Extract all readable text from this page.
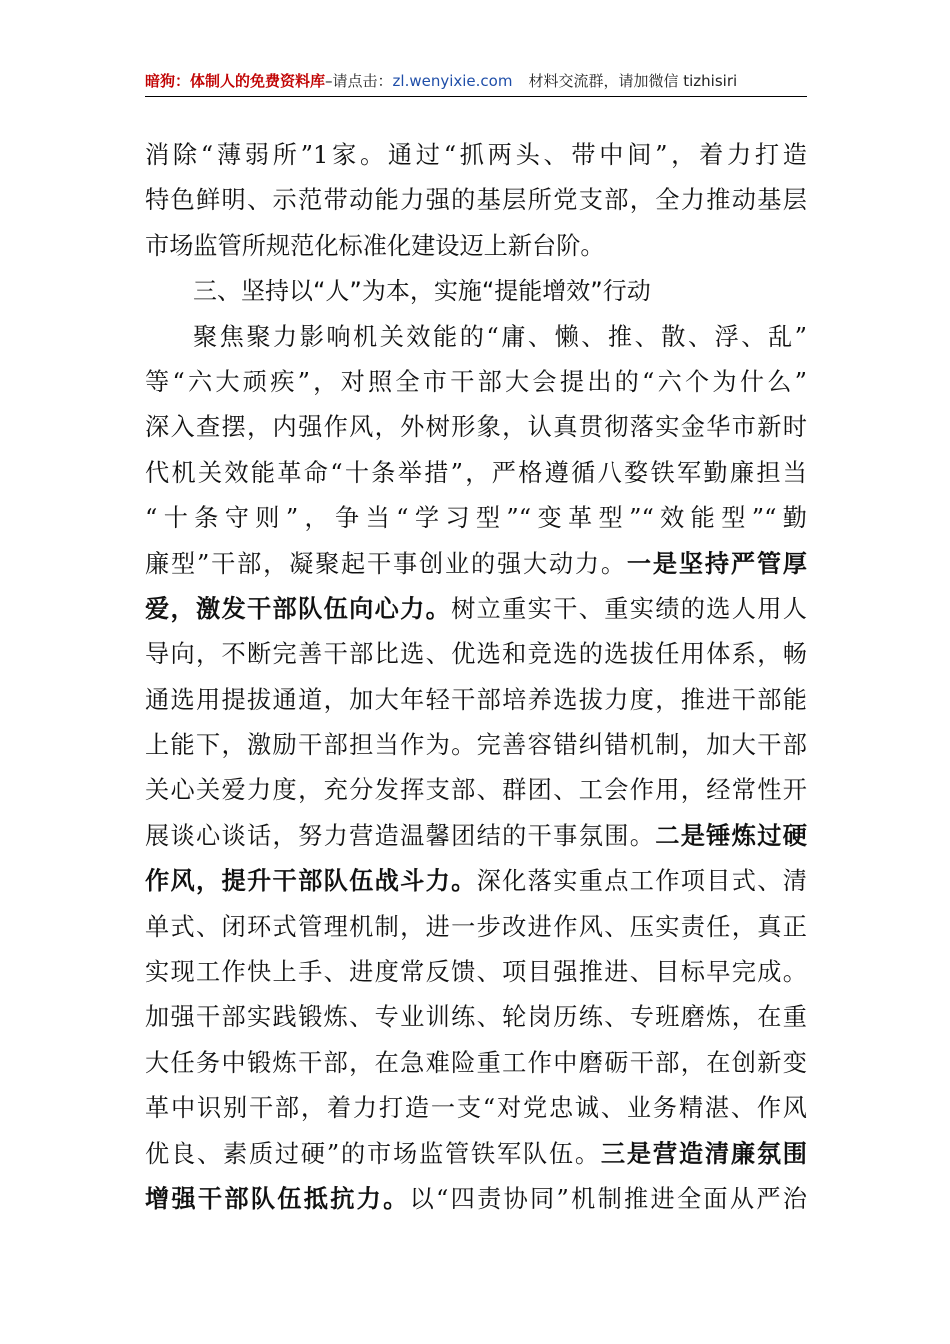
暗狗：体制人的免费资料库–请点击：zl.wenyixie.com 材料交流群，请加微信 tizhisiri
消除“薄弱所”1家。通过“抓两头、带中间”，着力打造
特色鲜明、示范带动能力强的基层所党支部，全力推动基层
市场监管所规范化标准化建设迈上新台阶。
三、坚持以“人”为本，实施“提能增效”行动
聚焦聚力影响机关效能的“庸、懒、推、散、浮、乱”
等“六大顽疾”，对照全市干部大会提出的“六个为什么”
深入查摆，内强作风，外树形象，认真贯彻落实金华市新时
代机关效能革命“十条举措”，严格遵循八婺铁军勤廉担当
“十条守则”，争当“学习型”“变革型”“效能型”“勤
廉型”干部，凝聚起干事创业的强大动力。一是坚持严管厚
爱，激发干部队伍向心力。树立重实干、重实绩的选人用人
导向，不断完善干部比选、优选和竞选的选拔任用体系，畅
通选用提拔通道，加大年轻干部培养选拔力度，推进干部能
上能下，激励干部担当作为。完善容错纠错机制，加大干部
关心关爱力度，充分发挥支部、群团、工会作用，经常性开
展谈心谈话，努力营造温馨团结的干事氛围。二是锤炼过硬
作风，提升干部队伍战斗力。深化落实重点工作项目式、清
单式、闭环式管理机制，进一步改进作风、压实责任，真正
实现工作快上手、进度常反馈、项目强推进、目标早完成。
加强干部实践锻炼、专业训练、轮岗历练、专班磨炼，在重
大任务中锻炼干部，在急难险重工作中磨砺干部，在创新变
革中识别干部，着力打造一支“对党忠诚、业务精湛、作风
优良、素质过硬”的市场监管铁军队伍。三是营造清廉氛围
增强干部队伍抵抗力。以“四责协同”机制推进全面从严治
